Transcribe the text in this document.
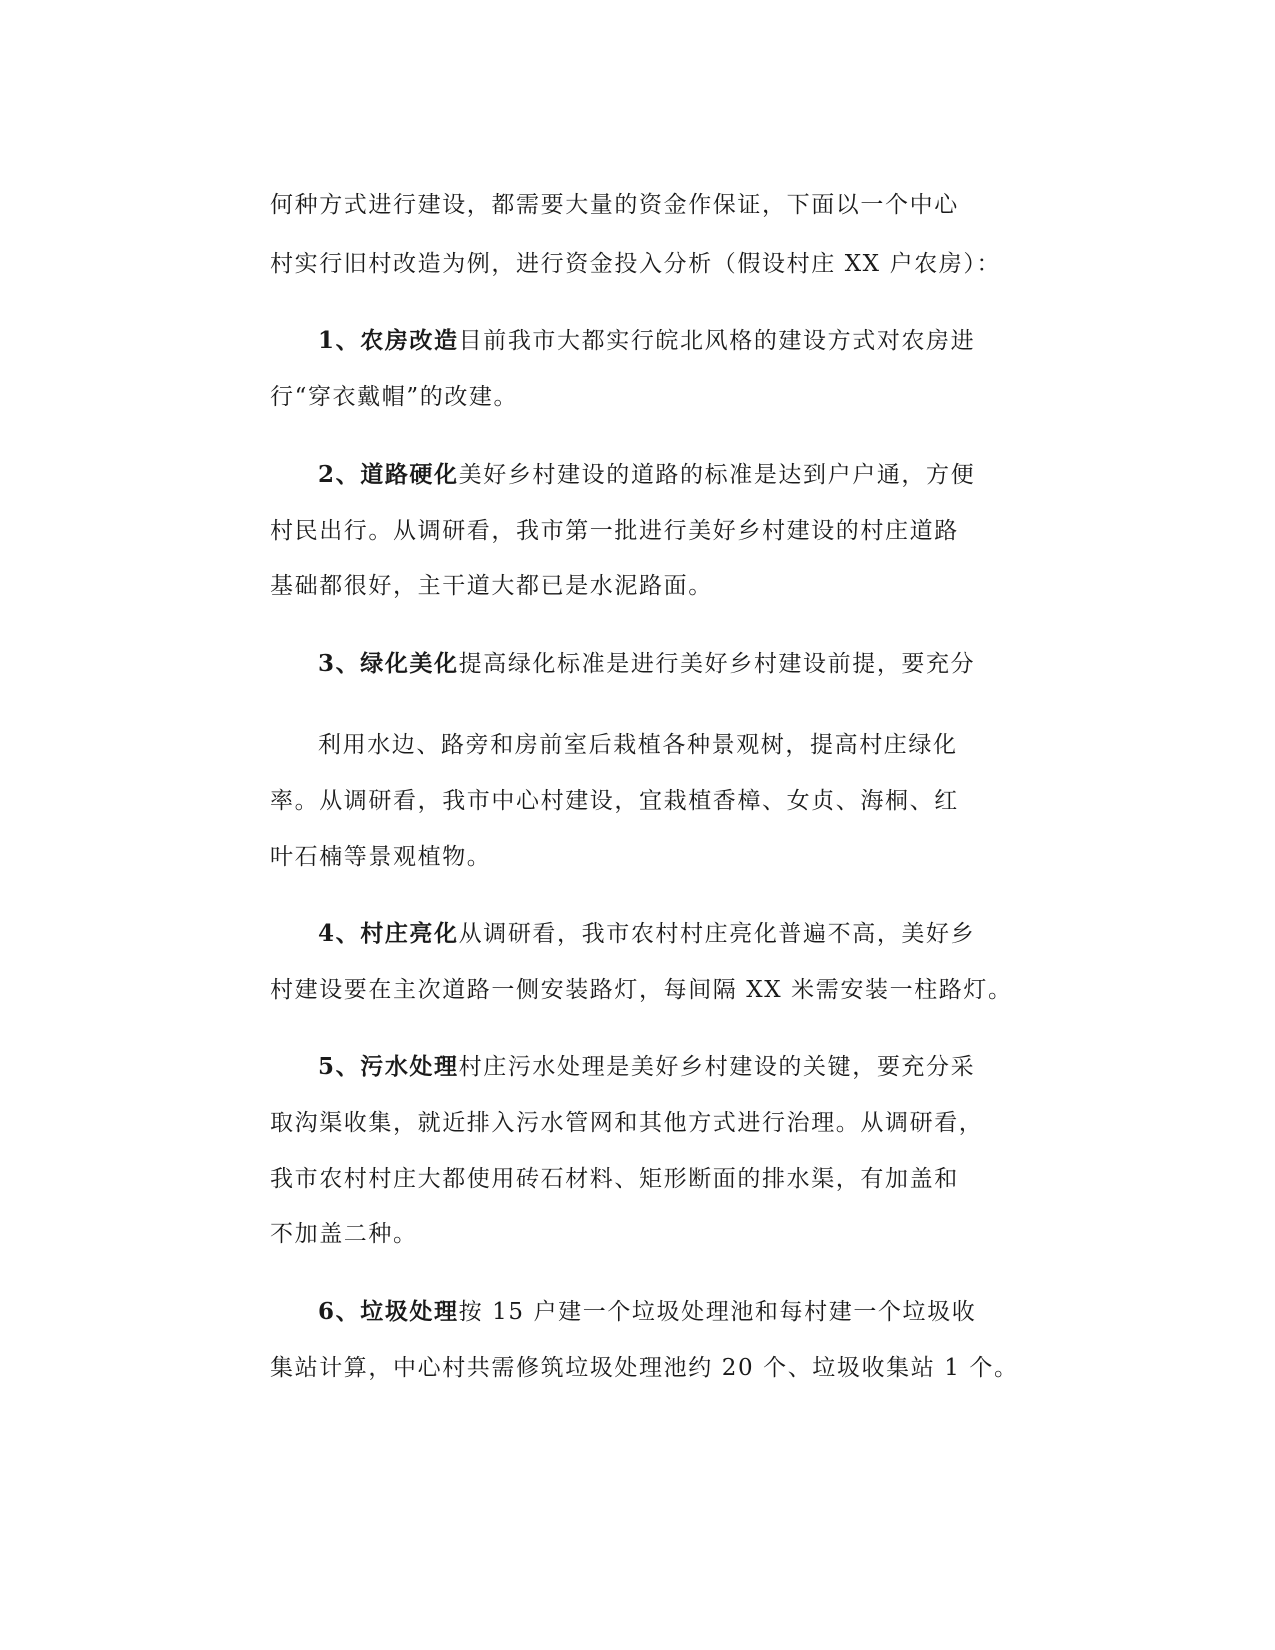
何种方式进行建设，都需要大量的资金作保证，下面以一个中心
村实行旧村改造为例，进行资金投入分析（假设村庄 XX 户农房）：
1、农房改造目前我市大都实行皖北风格的建设方式对农房进
行“穿衣戴帽”的改建。
2、道路硬化美好乡村建设的道路的标准是达到户户通，方便
村民出行。从调研看，我市第一批进行美好乡村建设的村庄道路
基础都很好，主干道大都已是水泥路面。
3、绿化美化提高绿化标准是进行美好乡村建设前提，要充分
利用水边、路旁和房前室后栽植各种景观树，提高村庄绿化
率。从调研看，我市中心村建设，宜栽植香樟、女贞、海桐、红
叶石楠等景观植物。
4、村庄亮化从调研看，我市农村村庄亮化普遍不高，美好乡
村建设要在主次道路一侧安装路灯，每间隔 XX 米需安装一柱路灯。
5、污水处理村庄污水处理是美好乡村建设的关键，要充分采
取沟渠收集，就近排入污水管网和其他方式进行治理。从调研看，
我市农村村庄大都使用砖石材料、矩形断面的排水渠，有加盖和
不加盖二种。
6、垃圾处理按 15 户建一个垃圾处理池和每村建一个垃圾收
集站计算，中心村共需修筑垃圾处理池约 20 个、垃圾收集站 1 个。
